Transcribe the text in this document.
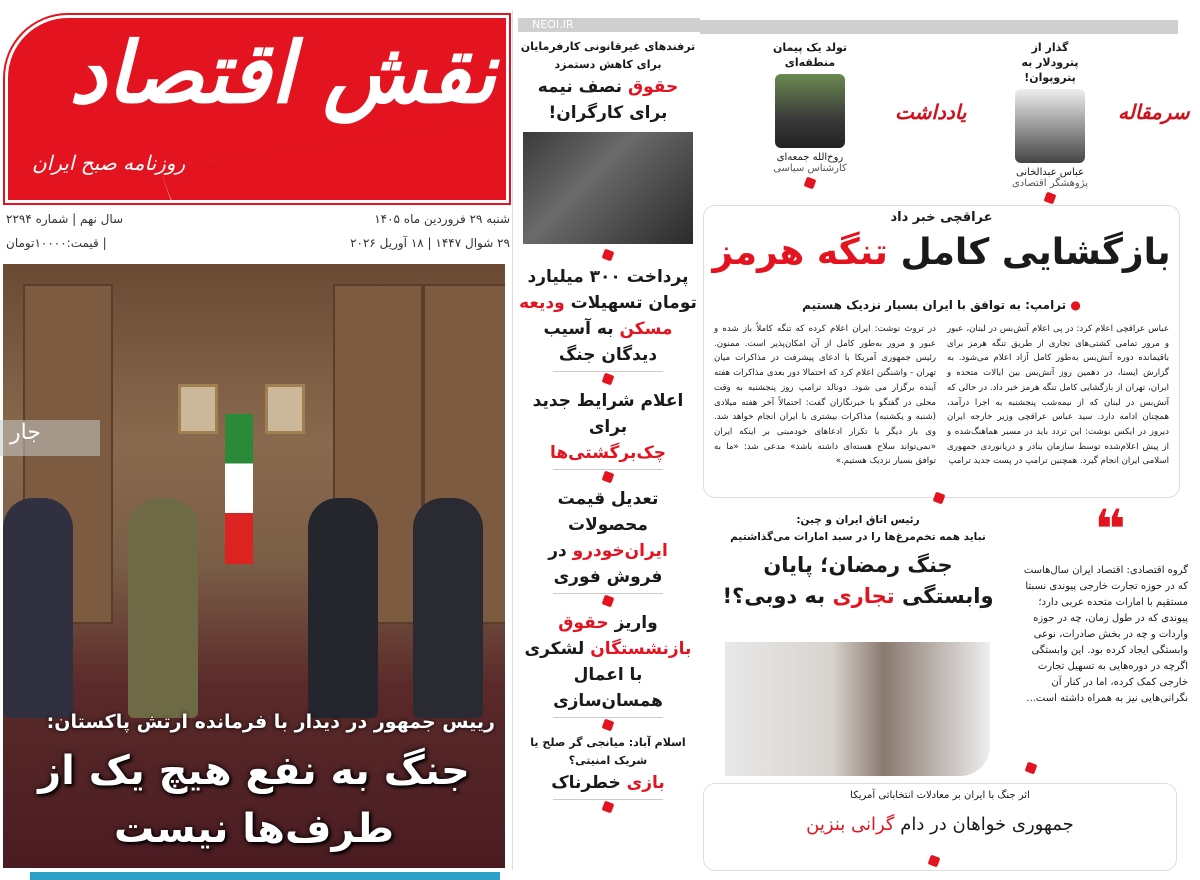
نقش اقتصاد
روزنامه صبح ایران
شنبه ۲۹ فروردین ماه ۱۴۰۵
۲۹ شوال ۱۴۴۷ | ۱۸ آوریل ۲۰۲۶
سال نهم | شماره ۲۲۹۴
| قیمت:۱۰۰۰۰تومان
رییس جمهور در دیدار با فرمانده ارتش پاکستان:
جنگ به نفع هیچ یک از طرف‌ها نیست
جار
NEOI.IR
ترفندهای غیرقانونی کارفرمایان برای کاهش دستمزد
حقوق نصف نیمه برای کارگران!
پرداخت ۳۰۰ میلیارد تومان تسهیلات ودیعه مسکن به آسیب دیدگان جنگ
اعلام شرایط جدید برای
چک‌برگشتی‌ها
تعدیل قیمت محصولات ایران‌خودرو در فروش فوری
واریز حقوق بازنشستگان لشکری با اعمال همسان‌سازی
اسلام آباد: میانجی گر صلح یا شریک امنیتی؟
بازی خطرناک
سرمقاله
گذار از پترودلار به پتروپوان!
عباس عبدالخانی
پژوهشگر اقتصادی
یادداشت
تولد یک پیمان منطقه‌ای
روح‌الله جمعه‌ای
کارشناس سیاسی
عراقچی خبر داد
بازگشایی کامل تنگه هرمز
● ترامپ: به توافق با ایران بسیار نزدیک هستیم
عباس عراقچی اعلام کرد: در پی اعلام آتش‌بس در لبنان، عبور و مرور تمامی کشتی‌های تجاری از طریق تنگه هرمز برای باقیمانده دوره آتش‌بس به‌طور کامل آزاد اعلام می‌شود. به گزارش ایسنا، در دهمین روز آتش‌بس بین ایالات متحده و ایران، تهران از بازگشایی کامل تنگه هرمز خبر داد. در حالی که آتش‌بس در لبنان که از نیمه‌شب پنجشنبه به اجرا درآمد، همچنان ادامه دارد. سید عباس عراقچی وزیر خارجه ایران دیروز در ایکس نوشت: این تردد باید در مسیر هماهنگ‌شده و از پیش اعلام‌شده توسط سازمان بنادر و دریانوردی جمهوری اسلامی ایران انجام گیرد. همچنین ترامپ در پست جدید ترامپ
در تروث نوشت: ایران اعلام کرده که تنگه کاملاً باز شده و عبور و مرور به‌طور کامل از آن امکان‌پذیر است. ممنون. رئیس جمهوری آمریکا با ادعای پیشرفت در مذاکرات میان تهران - واشنگتن اعلام کرد که احتمالا دور بعدی مذاکرات هفته آینده برگزار می شود. دونالد ترامپ روز پنجشنبه به وقت محلی در گفتگو با خبرنگاران گفت: احتمالاً آخر هفته میلادی (شنبه و یکشنبه) مذاکرات بیشتری با ایران انجام خواهد شد. وی بار دیگر با تکرار ادعاهای خودمبنی بر اینکه ایران «نمی‌تواند سلاح هسته‌ای داشته باشد» مدعی شد: «ما به توافق بسیار نزدیک هستیم.»
رئیس اتاق ایران و چین:
نباید همه تخم‌مرغ‌ها را در سبد امارات می‌گذاشتیم
جنگ رمضان؛ پایان
وابستگی تجاری به دوبی؟!
❝
گروه اقتصادی: اقتصاد ایران سال‌هاست که در حوزه تجارت خارجی پیوندی نسبتا مستقیم با امارات متحده عربی دارد؛ پیوندی که در طول زمان، چه در حوزه واردات و چه در بخش صادرات، نوعی وابستگی ایجاد کرده بود. این وابستگی اگرچه در دوره‌هایی به تسهیل تجارت خارجی کمک کرده، اما در کنار آن نگرانی‌هایی نیز به همراه داشته است...
اثر جنگ با ایران بر معادلات انتخاباتی آمریکا
جمهوری خواهان در دام گرانی بنزین
